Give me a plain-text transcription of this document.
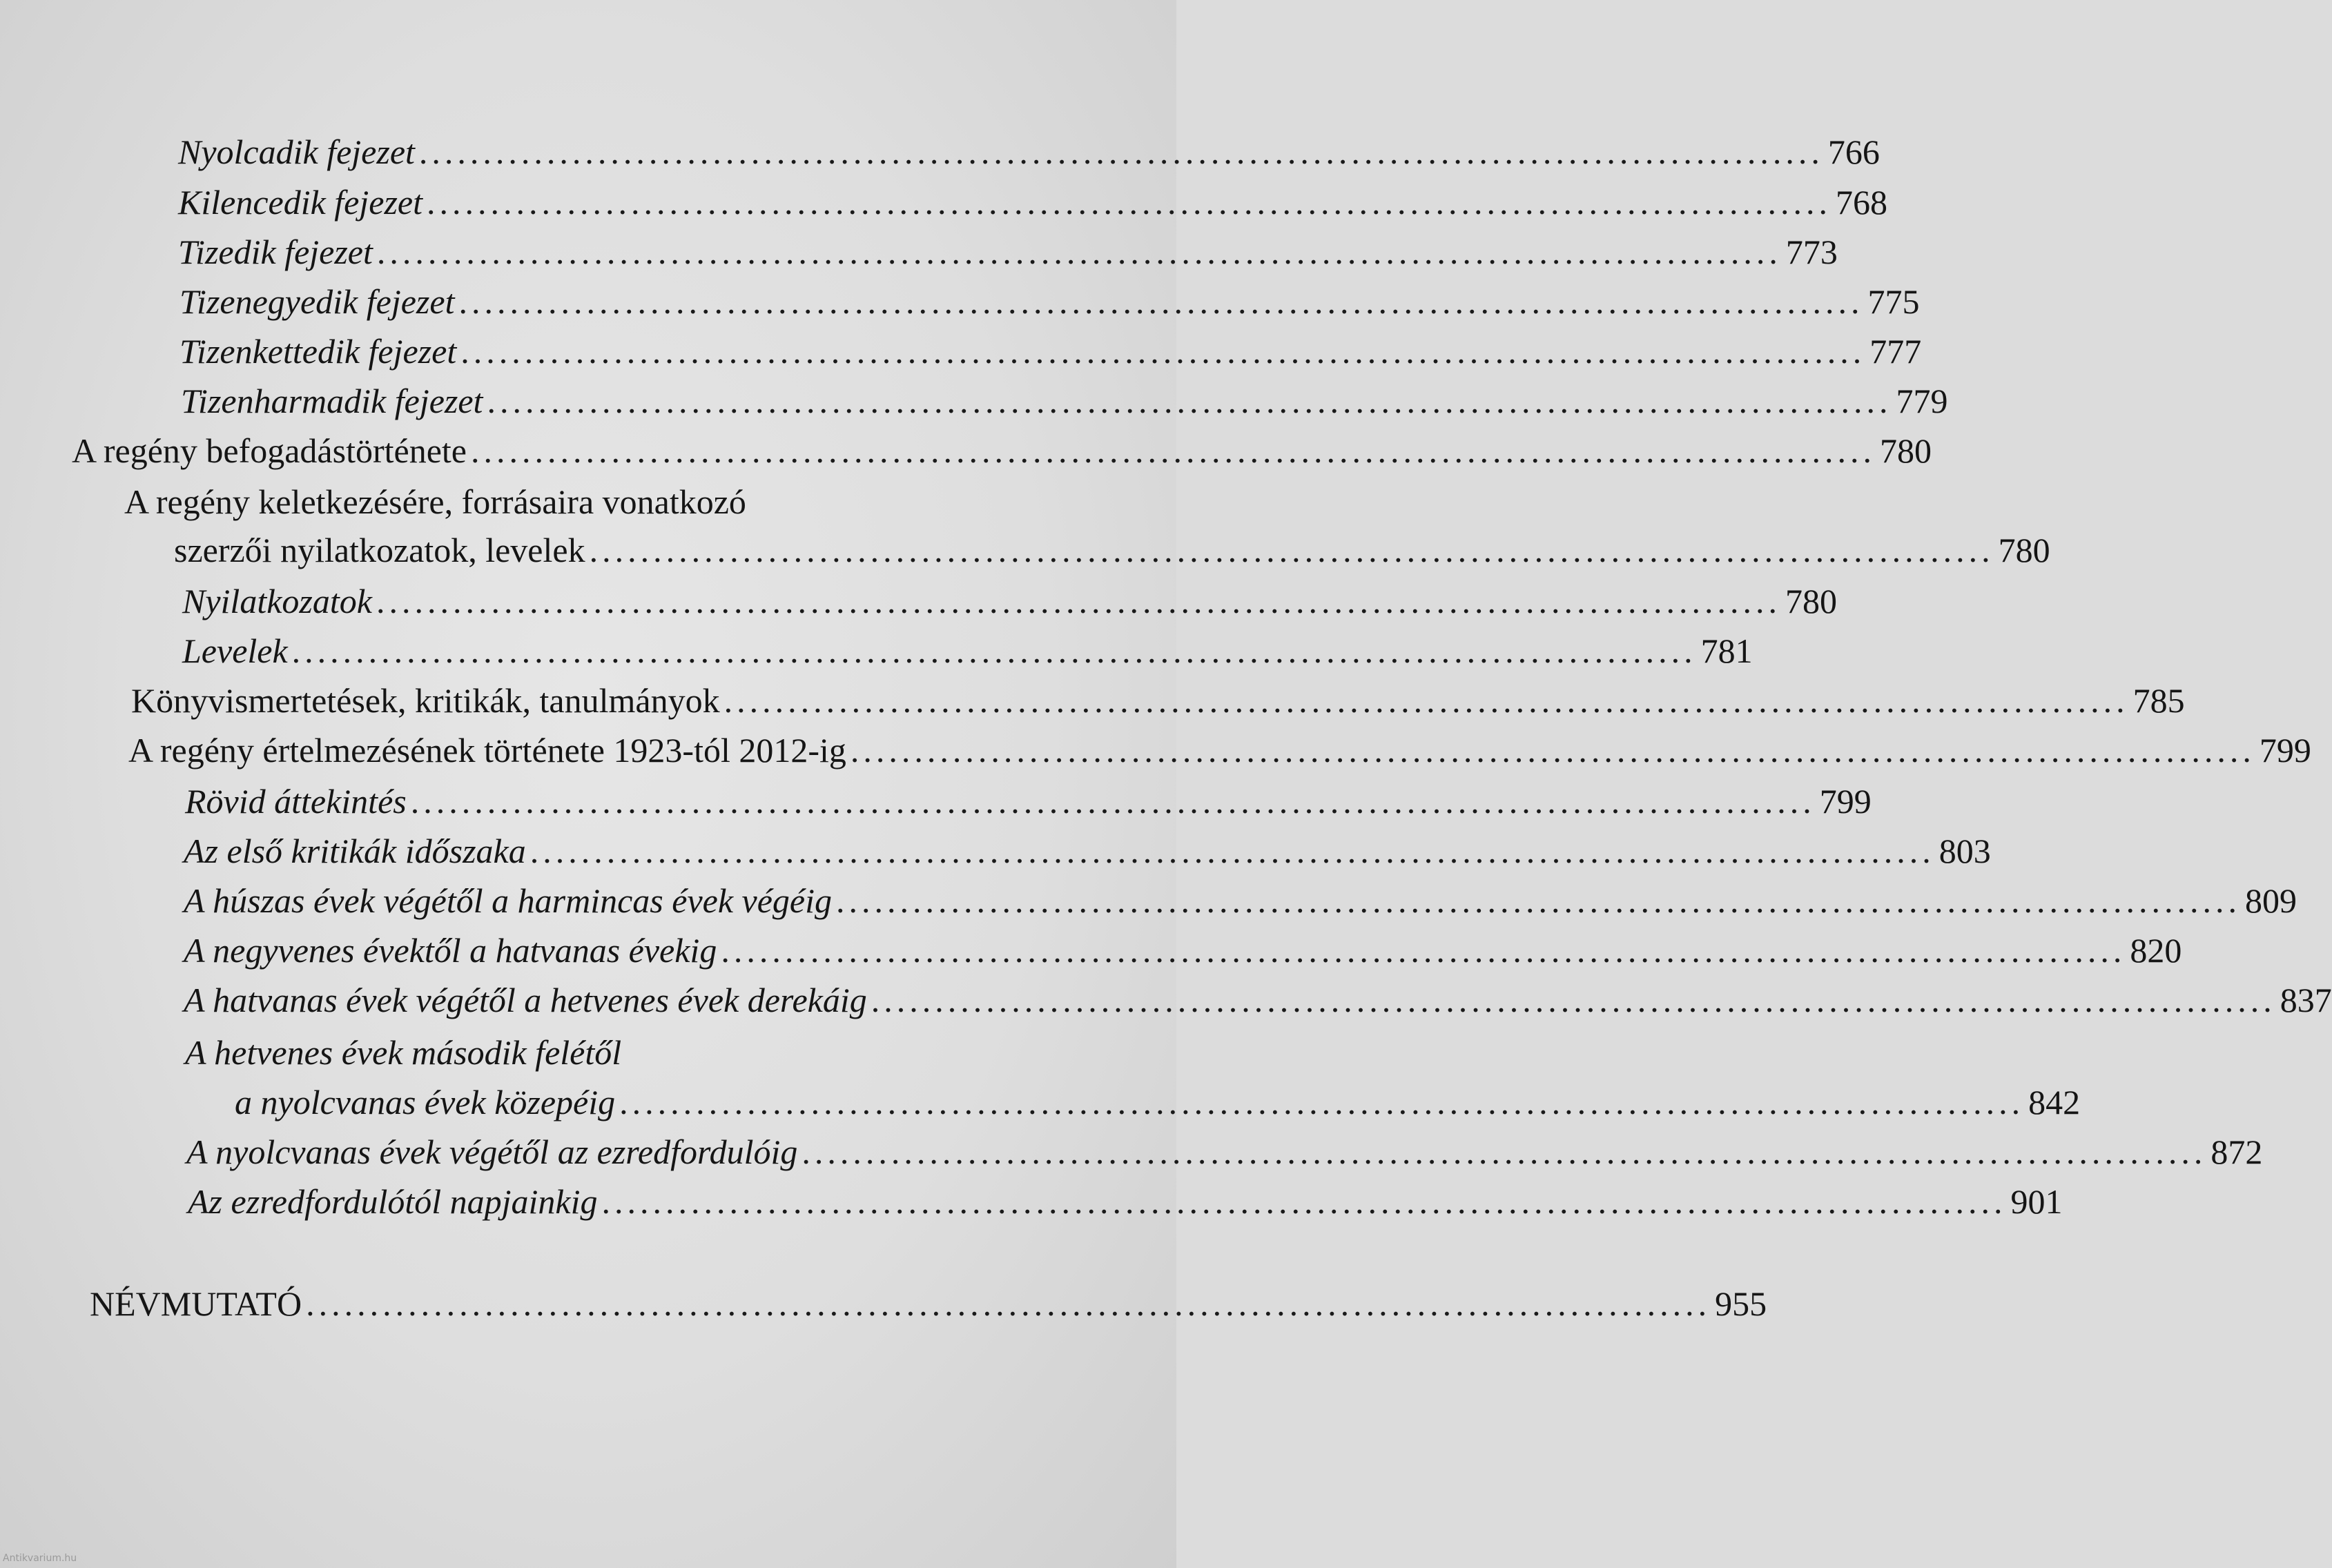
Nyolcadik fejezet .............................................................................................................. 766
Kilencedik fejezet .............................................................................................................. 768
Tizedik fejezet .............................................................................................................. 773
Tizenegyedik fejezet .............................................................................................................. 775
Tizenkettedik fejezet .............................................................................................................. 777
Tizenharmadik fejezet .............................................................................................................. 779
A regény befogadástörténete .............................................................................................................. 780
A regény keletkezésére, forrásaira vonatkozó
szerzői nyilatkozatok, levelek .............................................................................................................. 780
Nyilatkozatok .............................................................................................................. 780
Levelek .............................................................................................................. 781
Könyvismertetések, kritikák, tanulmányok .............................................................................................................. 785
A regény értelmezésének története 1923-tól 2012-ig .............................................................................................................. 799
Rövid áttekintés .............................................................................................................. 799
Az első kritikák időszaka .............................................................................................................. 803
A húszas évek végétől a harmincas évek végéig .............................................................................................................. 809
A negyvenes évektől a hatvanas évekig .............................................................................................................. 820
A hatvanas évek végétől a hetvenes évek derekáig .............................................................................................................. 837
A hetvenes évek második felétől
a nyolcvanas évek közepéig .............................................................................................................. 842
A nyolcvanas évek végétől az ezredfordulóig .............................................................................................................. 872
Az ezredfordulótól napjainkig .............................................................................................................. 901
NÉVMUTATÓ .............................................................................................................. 955
Antikvarium.hu
